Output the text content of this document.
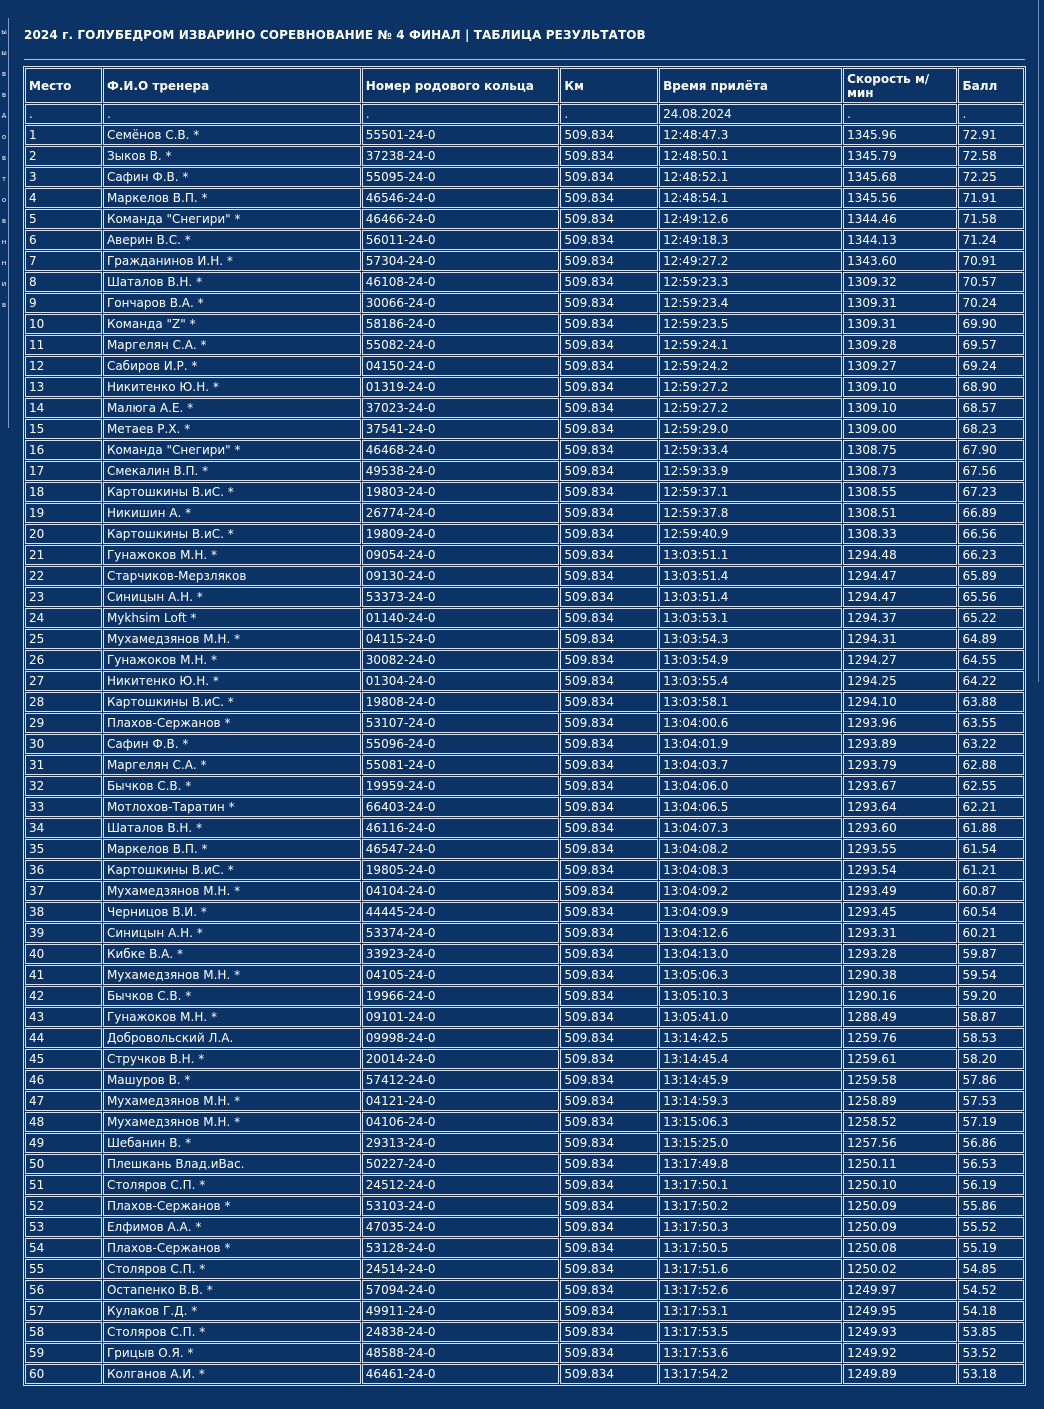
ы
ы
в
в
А
о
в
т
о
в
н
н
и
в
2024 г. ГОЛУБЕДРОМ ИЗВАРИНО СОРЕВНОВАНИЕ № 4 ФИНАЛ | ТАБЛИЦА РЕЗУЛЬТАТОВ
Место	Ф.И.О тренера	Номер родового кольца	Км	Время прилёта	Скорость м/мин	Балл
.	.	.	.	24.08.2024	.	.
1	Семёнов С.В. *	55501-24-0	509.834	12:48:47.3	1345.96	72.91
2	Зыков В. *	37238-24-0	509.834	12:48:50.1	1345.79	72.58
3	Сафин Ф.В. *	55095-24-0	509.834	12:48:52.1	1345.68	72.25
4	Маркелов В.П. *	46546-24-0	509.834	12:48:54.1	1345.56	71.91
5	Команда "Снегири" *	46466-24-0	509.834	12:49:12.6	1344.46	71.58
6	Аверин В.С. *	56011-24-0	509.834	12:49:18.3	1344.13	71.24
7	Гражданинов И.Н. *	57304-24-0	509.834	12:49:27.2	1343.60	70.91
8	Шаталов В.Н. *	46108-24-0	509.834	12:59:23.3	1309.32	70.57
9	Гончаров В.А. *	30066-24-0	509.834	12:59:23.4	1309.31	70.24
10	Команда "Z" *	58186-24-0	509.834	12:59:23.5	1309.31	69.90
11	Маргелян С.А. *	55082-24-0	509.834	12:59:24.1	1309.28	69.57
12	Сабиров И.Р. *	04150-24-0	509.834	12:59:24.2	1309.27	69.24
13	Никитенко Ю.Н. *	01319-24-0	509.834	12:59:27.2	1309.10	68.90
14	Малюга А.Е. *	37023-24-0	509.834	12:59:27.2	1309.10	68.57
15	Метаев Р.Х. *	37541-24-0	509.834	12:59:29.0	1309.00	68.23
16	Команда "Снегири" *	46468-24-0	509.834	12:59:33.4	1308.75	67.90
17	Смекалин В.П. *	49538-24-0	509.834	12:59:33.9	1308.73	67.56
18	Картошкины В.иС. *	19803-24-0	509.834	12:59:37.1	1308.55	67.23
19	Никишин А. *	26774-24-0	509.834	12:59:37.8	1308.51	66.89
20	Картошкины В.иС. *	19809-24-0	509.834	12:59:40.9	1308.33	66.56
21	Гунажоков М.Н. *	09054-24-0	509.834	13:03:51.1	1294.48	66.23
22	Старчиков-Мерзляков	09130-24-0	509.834	13:03:51.4	1294.47	65.89
23	Синицын А.Н. *	53373-24-0	509.834	13:03:51.4	1294.47	65.56
24	Mykhsim Loft *	01140-24-0	509.834	13:03:53.1	1294.37	65.22
25	Мухамедзянов М.Н. *	04115-24-0	509.834	13:03:54.3	1294.31	64.89
26	Гунажоков М.Н. *	30082-24-0	509.834	13:03:54.9	1294.27	64.55
27	Никитенко Ю.Н. *	01304-24-0	509.834	13:03:55.4	1294.25	64.22
28	Картошкины В.иС. *	19808-24-0	509.834	13:03:58.1	1294.10	63.88
29	Плахов-Сержанов *	53107-24-0	509.834	13:04:00.6	1293.96	63.55
30	Сафин Ф.В. *	55096-24-0	509.834	13:04:01.9	1293.89	63.22
31	Маргелян С.А. *	55081-24-0	509.834	13:04:03.7	1293.79	62.88
32	Бычков С.В. *	19959-24-0	509.834	13:04:06.0	1293.67	62.55
33	Мотлохов-Таратин *	66403-24-0	509.834	13:04:06.5	1293.64	62.21
34	Шаталов В.Н. *	46116-24-0	509.834	13:04:07.3	1293.60	61.88
35	Маркелов В.П. *	46547-24-0	509.834	13:04:08.2	1293.55	61.54
36	Картошкины В.иС. *	19805-24-0	509.834	13:04:08.3	1293.54	61.21
37	Мухамедзянов М.Н. *	04104-24-0	509.834	13:04:09.2	1293.49	60.87
38	Черницов В.И. *	44445-24-0	509.834	13:04:09.9	1293.45	60.54
39	Синицын А.Н. *	53374-24-0	509.834	13:04:12.6	1293.31	60.21
40	Кибке В.А. *	33923-24-0	509.834	13:04:13.0	1293.28	59.87
41	Мухамедзянов М.Н. *	04105-24-0	509.834	13:05:06.3	1290.38	59.54
42	Бычков С.В. *	19966-24-0	509.834	13:05:10.3	1290.16	59.20
43	Гунажоков М.Н. *	09101-24-0	509.834	13:05:41.0	1288.49	58.87
44	Добровольский Л.А.	09998-24-0	509.834	13:14:42.5	1259.76	58.53
45	Стручков В.Н. *	20014-24-0	509.834	13:14:45.4	1259.61	58.20
46	Машуров В. *	57412-24-0	509.834	13:14:45.9	1259.58	57.86
47	Мухамедзянов М.Н. *	04121-24-0	509.834	13:14:59.3	1258.89	57.53
48	Мухамедзянов М.Н. *	04106-24-0	509.834	13:15:06.3	1258.52	57.19
49	Шебанин В. *	29313-24-0	509.834	13:15:25.0	1257.56	56.86
50	Плешкань Влад.иВас.	50227-24-0	509.834	13:17:49.8	1250.11	56.53
51	Столяров С.П. *	24512-24-0	509.834	13:17:50.1	1250.10	56.19
52	Плахов-Сержанов *	53103-24-0	509.834	13:17:50.2	1250.09	55.86
53	Елфимов А.А. *	47035-24-0	509.834	13:17:50.3	1250.09	55.52
54	Плахов-Сержанов *	53128-24-0	509.834	13:17:50.5	1250.08	55.19
55	Столяров С.П. *	24514-24-0	509.834	13:17:51.6	1250.02	54.85
56	Остапенко В.В. *	57094-24-0	509.834	13:17:52.6	1249.97	54.52
57	Кулаков Г.Д. *	49911-24-0	509.834	13:17:53.1	1249.95	54.18
58	Столяров С.П. *	24838-24-0	509.834	13:17:53.5	1249.93	53.85
59	Грицыв О.Я. *	48588-24-0	509.834	13:17:53.6	1249.92	53.52
60	Колганов А.И. *	46461-24-0	509.834	13:17:54.2	1249.89	53.18
